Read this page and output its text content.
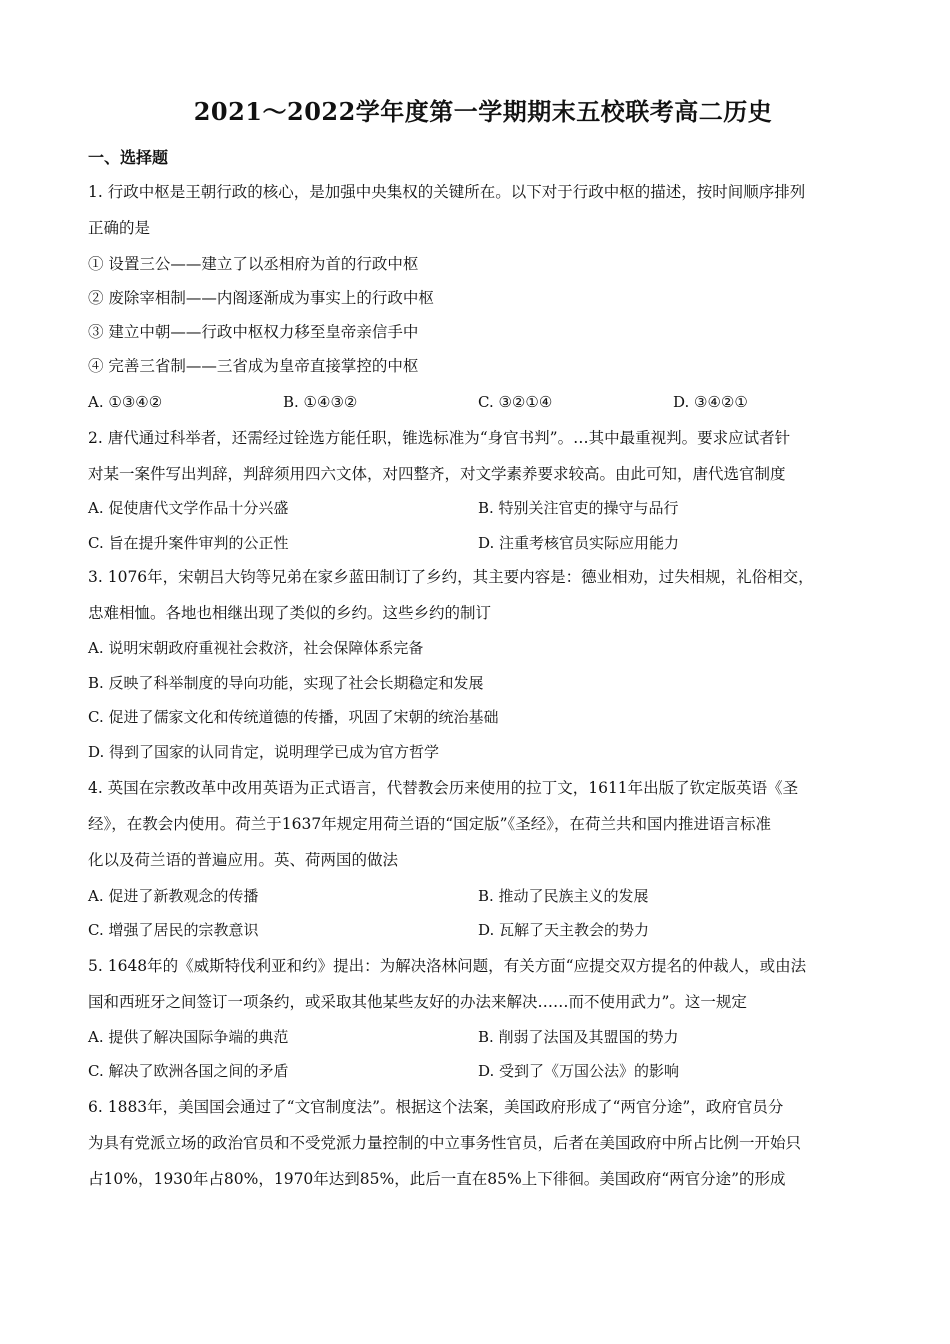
2021～2022学年度第一学期期末五校联考高二历史
一、选择题
1. 行政中枢是王朝行政的核心，是加强中央集权的关键所在。以下对于行政中枢的描述，按时间顺序排列
正确的是
① 设置三公——建立了以丞相府为首的行政中枢
② 废除宰相制——内阁逐渐成为事实上的行政中枢
③ 建立中朝——行政中枢权力移至皇帝亲信手中
④ 完善三省制——三省成为皇帝直接掌控的中枢
A. ①③④②	B. ①④③②	C. ③②①④	D. ③④②①
2. 唐代通过科举者，还需经过铨选方能任职，锥选标准为“身官书判”。…其中最重视判。要求应试者针
对某一案件写出判辞，判辞须用四六文体，对四整齐，对文学素养要求较高。由此可知，唐代选官制度
A. 促使唐代文学作品十分兴盛	B. 特别关注官吏的操守与品行
C. 旨在提升案件审判的公正性	D. 注重考核官员实际应用能力
3. 1076年，宋朝吕大钧等兄弟在家乡蓝田制订了乡约，其主要内容是：德业相劝，过失相规，礼俗相交，
忠难相恤。各地也相继出现了类似的乡约。这些乡约的制订
A. 说明宋朝政府重视社会救济，社会保障体系完备
B. 反映了科举制度的导向功能，实现了社会长期稳定和发展
C. 促进了儒家文化和传统道德的传播，巩固了宋朝的统治基础
D. 得到了国家的认同肯定，说明理学已成为官方哲学
4. 英国在宗教改革中改用英语为正式语言，代替教会历来使用的拉丁文，1611年出版了钦定版英语《圣
经》，在教会内使用。荷兰于1637年规定用荷兰语的“国定版”《圣经》，在荷兰共和国内推进语言标准
化以及荷兰语的普遍应用。英、荷两国的做法
A. 促进了新教观念的传播	B. 推动了民族主义的发展
C. 增强了居民的宗教意识	D. 瓦解了天主教会的势力
5. 1648年的《威斯特伐利亚和约》提出：为解决洛林问题，有关方面“应提交双方提名的仲裁人，或由法
国和西班牙之间签订一项条约，或采取其他某些友好的办法来解决……而不使用武力”。这一规定
A. 提供了解决国际争端的典范	B. 削弱了法国及其盟国的势力
C. 解决了欧洲各国之间的矛盾	D. 受到了《万国公法》的影响
6. 1883年，美国国会通过了“文官制度法”。根据这个法案，美国政府形成了“两官分途”，政府官员分
为具有党派立场的政治官员和不受党派力量控制的中立事务性官员，后者在美国政府中所占比例一开始只
占10%，1930年占80%，1970年达到85%，此后一直在85%上下徘徊。美国政府“两官分途”的形成
